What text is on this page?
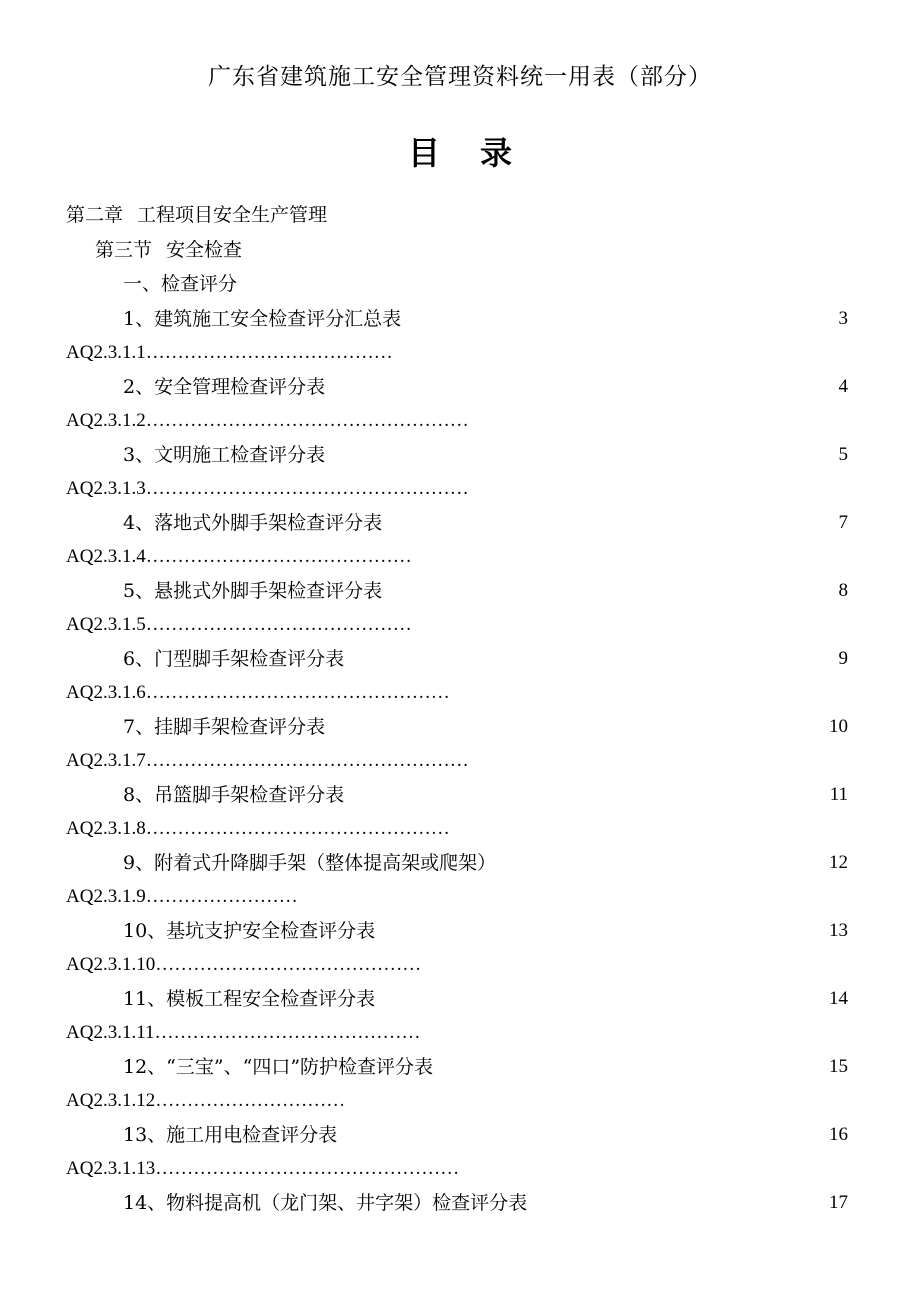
广东省建筑施工安全管理资料统一用表（部分）
目 录
第二章 工程项目安全生产管理
第三节 安全检查
一、检查评分
1、建筑施工安全检查评分汇总表	3
AQ2.3.1.1…………………………………
2、安全管理检查评分表	4
AQ2.3.1.2……………………………………………
3、文明施工检查评分表	5
AQ2.3.1.3……………………………………………
4、落地式外脚手架检查评分表	7
AQ2.3.1.4……………………………………
5、悬挑式外脚手架检查评分表	8
AQ2.3.1.5……………………………………
6、门型脚手架检查评分表	9
AQ2.3.1.6…………………………………………
7、挂脚手架检查评分表	10
AQ2.3.1.7……………………………………………
8、吊篮脚手架检查评分表	11
AQ2.3.1.8…………………………………………
9、附着式升降脚手架（整体提高架或爬架）	12
AQ2.3.1.9……………………
10、基坑支护安全检查评分表	13
AQ2.3.1.10……………………………………
11、模板工程安全检查评分表	14
AQ2.3.1.11……………………………………
12、“三宝”、“四口”防护检查评分表	15
AQ2.3.1.12…………………………
13、施工用电检查评分表	16
AQ2.3.1.13…………………………………………
14、物料提高机（龙门架、井字架）检查评分表	17
